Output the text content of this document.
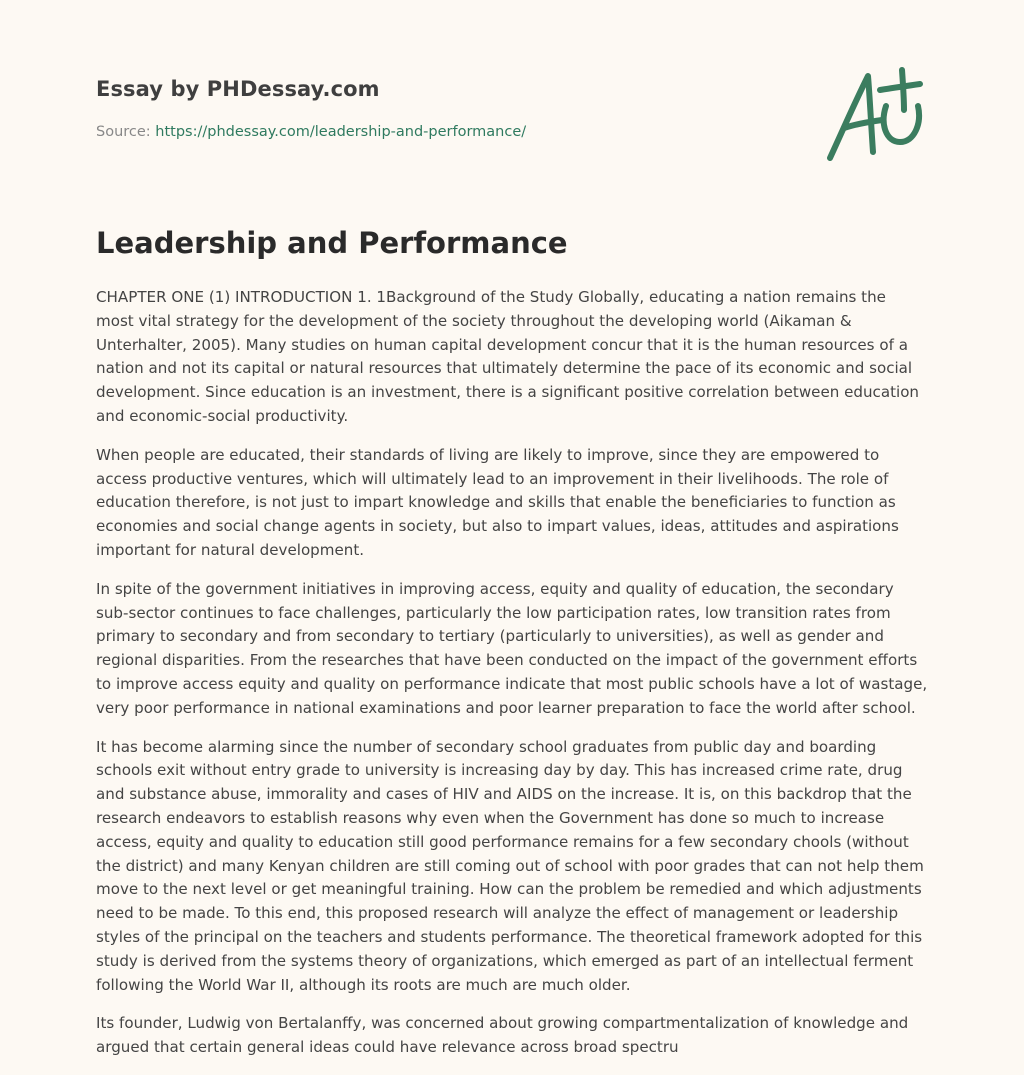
Essay by PHDessay.com
Source: https://phdessay.com/leadership-and-performance/
Leadership and Performance

CHAPTER ONE (1) INTRODUCTION 1. 1Background of the Study Globally, educating a nation remains the most vital strategy for the development of the society throughout the developing world (Aikaman & Unterhalter, 2005). Many studies on human capital development concur that it is the human resources of a nation and not its capital or natural resources that ultimately determine the pace of its economic and social development. Since education is an investment, there is a significant positive correlation between education and economic-social productivity.

When people are educated, their standards of living are likely to improve, since they are empowered to access productive ventures, which will ultimately lead to an improvement in their livelihoods. The role of education therefore, is not just to impart knowledge and skills that enable the beneficiaries to function as economies and social change agents in society, but also to impart values, ideas, attitudes and aspirations important for natural development.

In spite of the government initiatives in improving access, equity and quality of education, the secondary sub-sector continues to face challenges, particularly the low participation rates, low transition rates from primary to secondary and from secondary to tertiary (particularly to universities), as well as gender and regional disparities. From the researches that have been conducted on the impact of the government efforts to improve access equity and quality on performance indicate that most public schools have a lot of wastage, very poor performance in national examinations and poor learner preparation to face the world after school.

It has become alarming since the number of secondary school graduates from public day and boarding schools exit without entry grade to university is increasing day by day. This has increased crime rate, drug and substance abuse, immorality and cases of HIV and AIDS on the increase. It is, on this backdrop that the research endeavors to establish reasons why even when the Government has done so much to increase access, equity and quality to education still good performance remains for a few secondary chools (without the district) and many Kenyan children are still coming out of school with poor grades that can not help them move to the next level or get meaningful training. How can the problem be remedied and which adjustments need to be made. To this end, this proposed research will analyze the effect of management or leadership styles of the principal on the teachers and students performance. The theoretical framework adopted for this study is derived from the systems theory of organizations, which emerged as part of an intellectual ferment following the World War II, although its roots are much are much older.

Its founder, Ludwig von Bertalanffy, was concerned about growing compartmentalization of knowledge and argued that certain general ideas could have relevance across broad spectru
